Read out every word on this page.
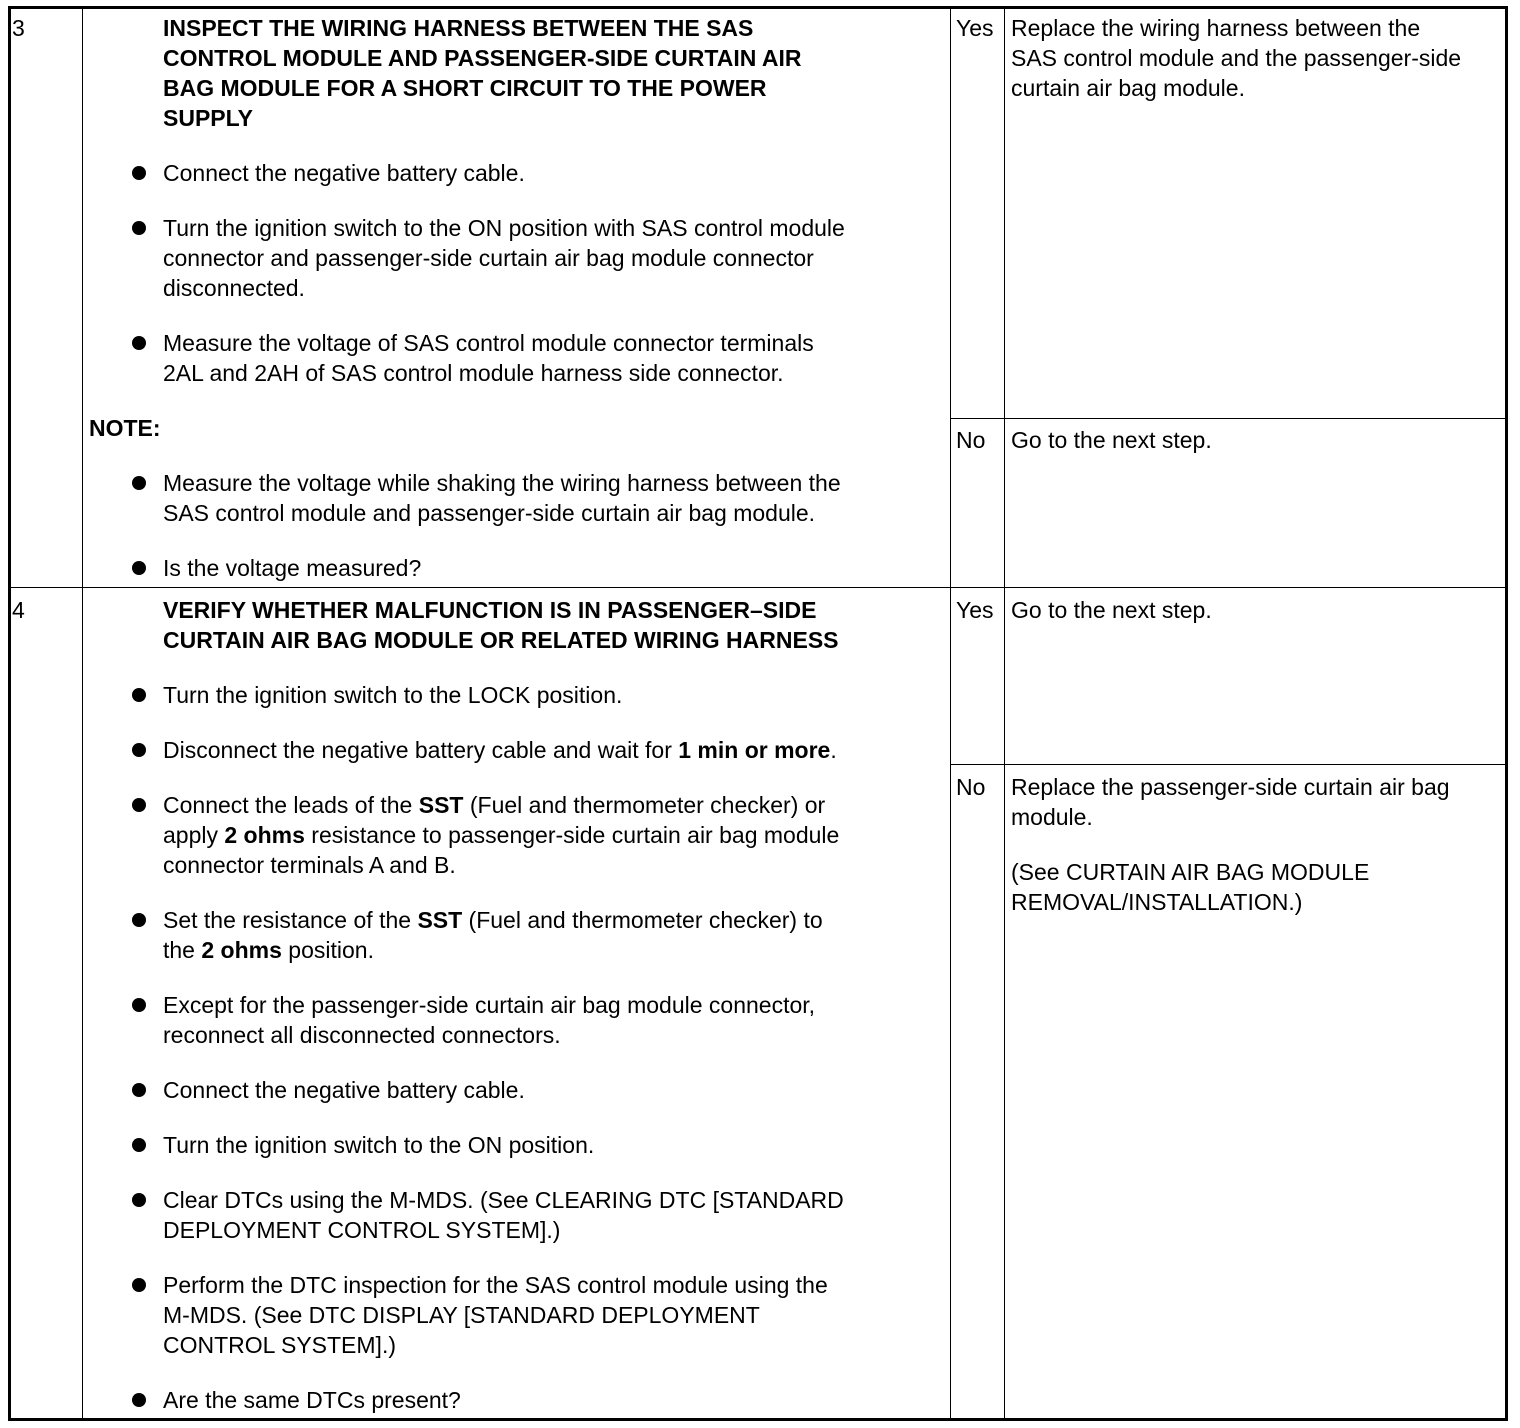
3	INSPECT THE WIRING HARNESS BETWEEN THE SAS
CONTROL MODULE AND PASSENGER-SIDE CURTAIN AIR
BAG MODULE FOR A SHORT CIRCUIT TO THE POWER
SUPPLY
Connect the negative battery cable.
Turn the ignition switch to the ON position with SAS control module
connector and passenger-side curtain air bag module connector
disconnected.
Measure the voltage of SAS control module connector terminals
2AL and 2AH of SAS control module harness side connector.
NOTE:
Measure the voltage while shaking the wiring harness between the
SAS control module and passenger-side curtain air bag module.
Is the voltage measured?
Yes Replace the wiring harness between the
SAS control module and the passenger-side
curtain air bag module.
No Go to the next step.
4	VERIFY WHETHER MALFUNCTION IS IN PASSENGER–SIDE
CURTAIN AIR BAG MODULE OR RELATED WIRING HARNESS
Turn the ignition switch to the LOCK position.
Disconnect the negative battery cable and wait for 1 min or more.
Connect the leads of the SST (Fuel and thermometer checker) or
apply 2 ohms resistance to passenger-side curtain air bag module
connector terminals A and B.
Set the resistance of the SST (Fuel and thermometer checker) to
the 2 ohms position.
Except for the passenger-side curtain air bag module connector,
reconnect all disconnected connectors.
Connect the negative battery cable.
Turn the ignition switch to the ON position.
Clear DTCs using the M-MDS. (See CLEARING DTC [STANDARD
DEPLOYMENT CONTROL SYSTEM].)
Perform the DTC inspection for the SAS control module using the
M-MDS. (See DTC DISPLAY [STANDARD DEPLOYMENT
CONTROL SYSTEM].)
Are the same DTCs present?
Yes Go to the next step.
No Replace the passenger-side curtain air bag
module.
(See CURTAIN AIR BAG MODULE
REMOVAL/INSTALLATION.)
